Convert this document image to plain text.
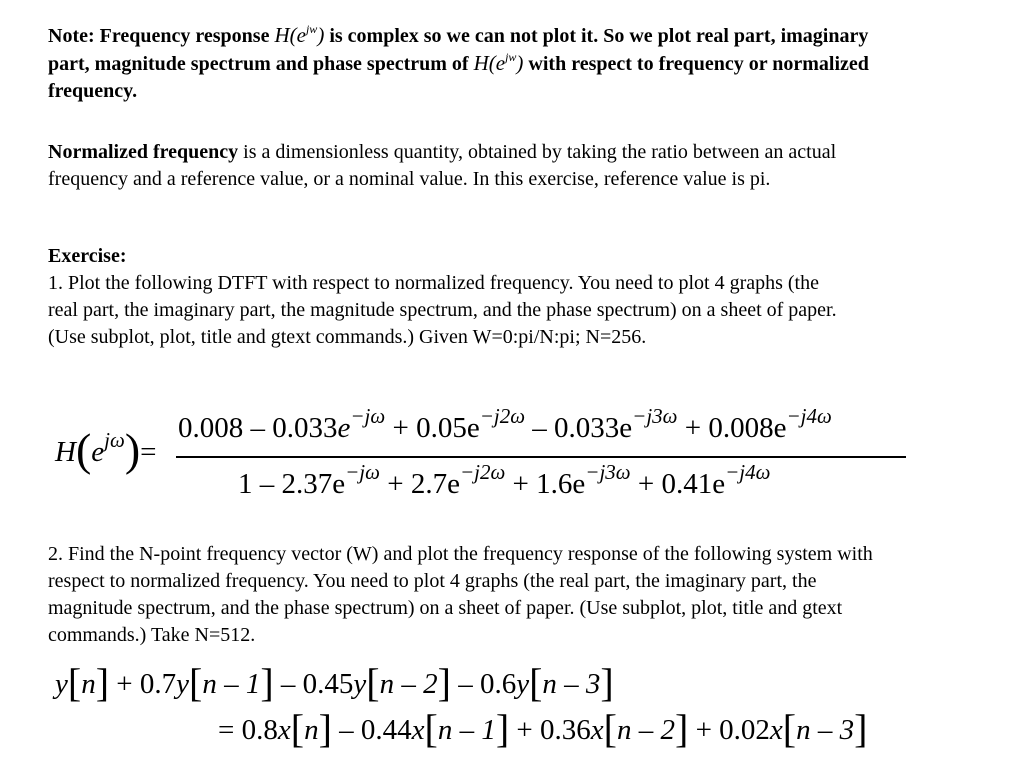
Note: Frequency response $H(e^{jw})$ is complex so we can not plot it. So we plot real part, imaginary part, magnitude spectrum and phase spectrum of $H(e^{jw})$ with respect to frequency or normalized frequency.
Normalized frequency is a dimensionless quantity, obtained by taking the ratio between an actual frequency and a reference value, or a nominal value. In this exercise, reference value is pi.
Exercise:
1. Plot the following DTFT with respect to normalized frequency. You need to plot 4 graphs (the real part, the imaginary part, the magnitude spectrum, and the phase spectrum) on a sheet of paper. (Use subplot, plot, title and gtext commands.) Given W=0:pi/N:pi; N=256.
$H(e^{j\omega})=$
$0.008 - 0.033e^{-j\omega} + 0.05e^{-j2\omega} - 0.033e^{-j3\omega} + 0.008e^{-j4\omega}$
$1 - 2.37e^{-j\omega} + 2.7e^{-j2\omega} + 1.6e^{-j3\omega} + 0.41e^{-j4\omega}$
2. Find the N-point frequency vector (W) and plot the frequency response of the following system with respect to normalized frequency. You need to plot 4 graphs (the real part, the imaginary part, the magnitude spectrum, and the phase spectrum) on a sheet of paper. (Use subplot, plot, title and gtext commands.) Take N=512.
y[n] + 0.7y[n – 1] – 0.45y[n – 2] – 0.6y[n – 3]
= 0.8x[n] – 0.44x[n – 1] + 0.36x[n – 2] + 0.02x[n – 3]
